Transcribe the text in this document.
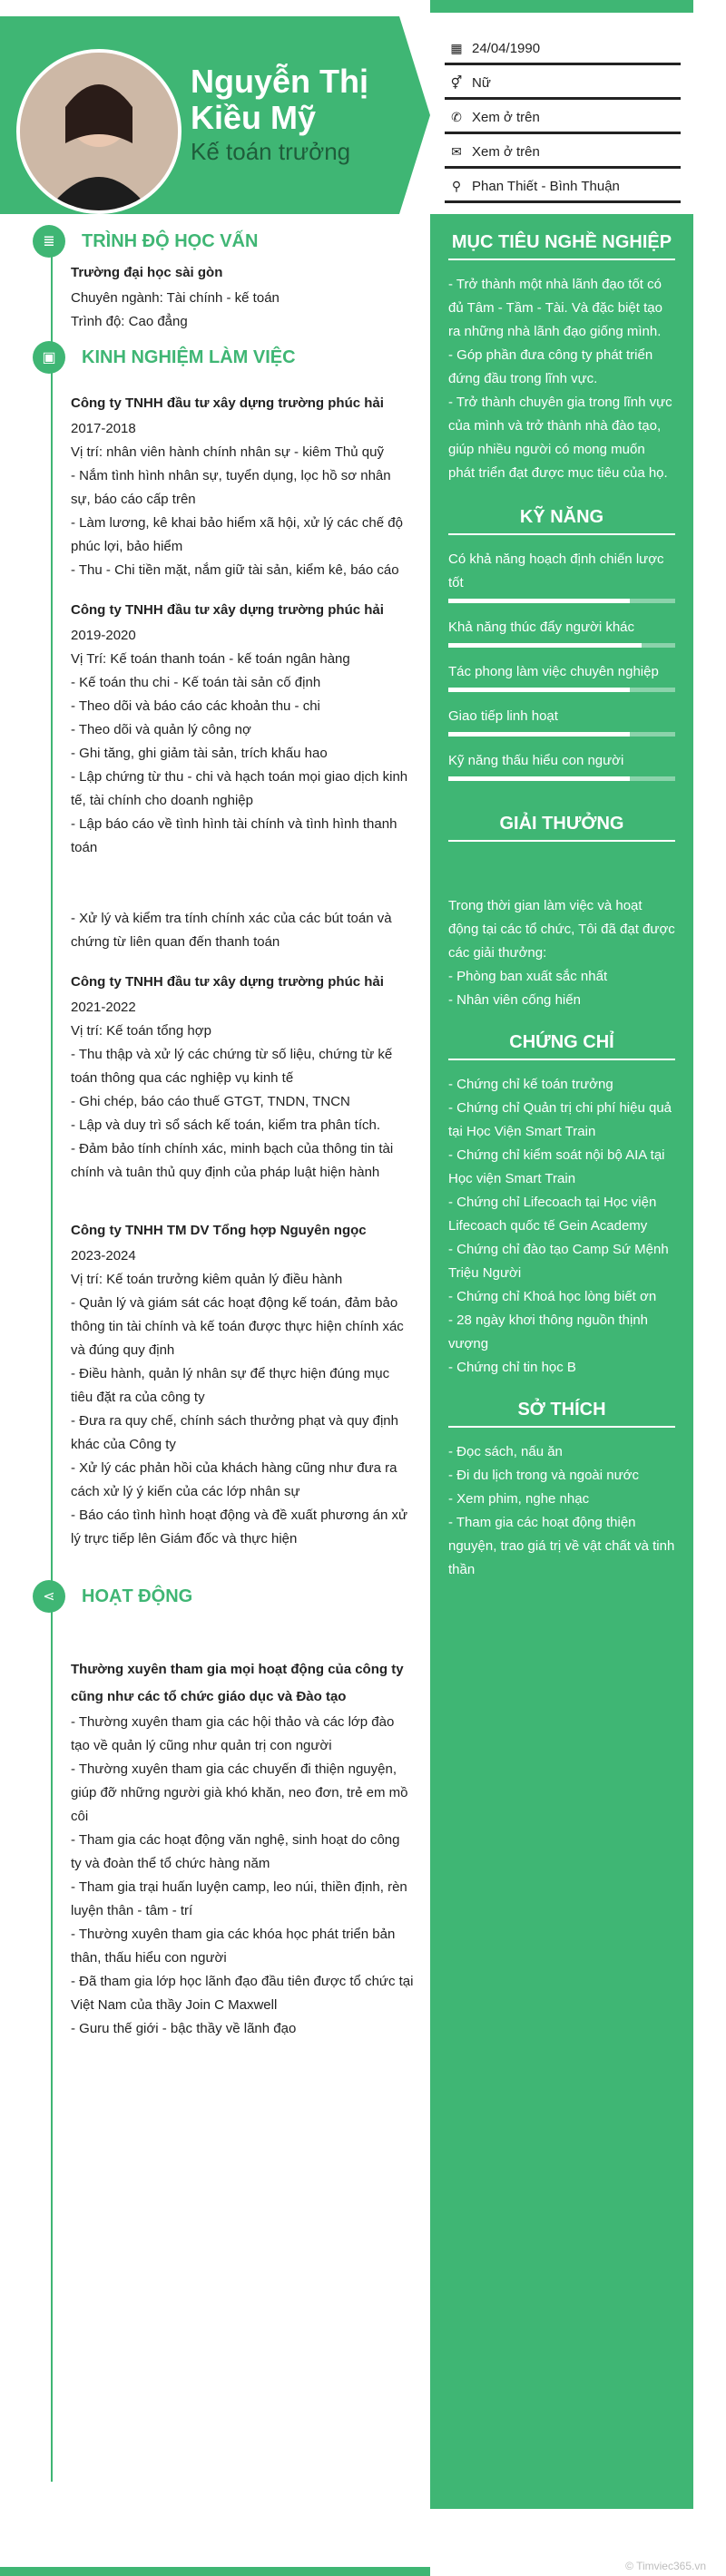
Nguyễn Thị Kiều Mỹ
Kế toán trưởng
▦ 24/04/1990
⚥ Nữ
✆ Xem ở trên
✉ Xem ở trên
⚲ Phan Thiết - Bình Thuận
MỤC TIÊU NGHỀ NGHIỆP
- Trở thành một nhà lãnh đạo tốt có đủ Tâm - Tầm - Tài. Và đặc biệt tạo ra những nhà lãnh đạo giống mình.
- Góp phần đưa công ty phát triển đứng đầu trong lĩnh vực.
- Trở thành chuyên gia trong lĩnh vực của mình và trở thành nhà đào tạo, giúp nhiều người có mong muốn phát triển đạt được mục tiêu của họ.
KỸ NĂNG
Có khả năng hoạch định chiến lược tốt
Khả năng thúc đẩy người khác
Tác phong làm việc chuyên nghiệp
Giao tiếp linh hoạt
Kỹ năng thấu hiểu con người
GIẢI THƯỞNG
Trong thời gian làm việc và hoạt động tại các tổ chức, Tôi đã đạt được các giải thưởng:
- Phòng ban xuất sắc nhất
- Nhân viên cống hiến
CHỨNG CHỈ
- Chứng chỉ kế toán trưởng
- Chứng chỉ Quản trị chi phí hiệu quả tại Học Viện Smart Train
- Chứng chỉ kiểm soát nội bộ AIA tại Học viện Smart Train
- Chứng chỉ Lifecoach tại Học viện Lifecoach quốc tế Gein Academy
- Chứng chỉ đào tạo Camp Sứ Mệnh Triệu Người
- Chứng chỉ Khoá học lòng biết ơn
- 28 ngày khơi thông nguồn thịnh vượng
- Chứng chỉ tin học B
SỞ THÍCH
- Đọc sách, nấu ăn
- Đi du lịch trong và ngoài nước
- Xem phim, nghe nhạc
- Tham gia các hoạt động thiện nguyện, trao giá trị về vật chất và tinh thần
≣	TRÌNH ĐỘ HỌC VẤN
Trường đại học sài gòn
Chuyên ngành: Tài chính - kế toán
Trình độ: Cao đẳng
▣	KINH NGHIỆM LÀM VIỆC
Công ty TNHH đầu tư xây dựng trường phúc hải
2017-2018
Vị trí: nhân viên hành chính nhân sự - kiêm Thủ quỹ
- Nắm tình hình nhân sự, tuyển dụng, lọc hồ sơ nhân sự, báo cáo cấp trên
- Làm lương, kê khai bảo hiểm xã hội, xử lý các chế độ phúc lợi, bảo hiểm
- Thu - Chi tiền mặt, nắm giữ tài sản, kiểm kê, báo cáo
Công ty TNHH đầu tư xây dựng trường phúc hải
2019-2020
Vị Trí: Kế toán thanh toán - kế toán ngân hàng
- Kế toán thu chi - Kế toán tài sản cố định
- Theo dõi và báo cáo các khoản thu - chi
- Theo dõi và quản lý công nợ
- Ghi tăng, ghi giảm tài sản, trích khấu hao
- Lập chứng từ thu - chi và hạch toán mọi giao dịch kinh tế, tài chính cho doanh nghiệp
- Lập báo cáo về tình hình tài chính và tình hình thanh toán
- Xử lý và kiểm tra tính chính xác của các bút toán và chứng từ liên quan đến thanh toán
Công ty TNHH đầu tư xây dựng trường phúc hải
2021-2022
Vị trí: Kế toán tổng hợp
- Thu thập và xử lý các chứng từ số liệu, chứng từ kế toán thông qua các nghiệp vụ kinh tế
- Ghi chép, báo cáo thuế GTGT, TNDN, TNCN
- Lập và duy trì sổ sách kế toán, kiểm tra phân tích.
- Đảm bảo tính chính xác, minh bạch của thông tin tài chính và tuân thủ quy định của pháp luật hiện hành
Công ty TNHH TM DV Tổng hợp Nguyên ngọc
2023-2024
Vị trí: Kế toán trưởng kiêm quản lý điều hành
- Quản lý và giám sát các hoạt động kế toán, đảm bảo thông tin tài chính và kế toán được thực hiện chính xác và đúng quy định
- Điều hành, quản lý nhân sự để thực hiện đúng mục tiêu đặt ra của công ty
- Đưa ra quy chế, chính sách thưởng phạt và quy định khác của Công ty
- Xử lý các phản hồi của khách hàng cũng như đưa ra cách xử lý ý kiến của các lớp nhân sự
- Báo cáo tình hình hoạt động và đề xuất phương án xử lý trực tiếp lên Giám đốc và thực hiện
⋖	HOẠT ĐỘNG
Thường xuyên tham gia mọi hoạt động của công ty cũng như các tổ chức giáo dục và Đào tạo
- Thường xuyên tham gia các hội thảo và các lớp đào tạo về quản lý cũng như quản trị con người
- Thường xuyên tham gia các chuyến đi thiện nguyện, giúp đỡ những người già khó khăn, neo đơn, trẻ em mồ côi
- Tham gia các hoạt động văn nghệ, sinh hoạt do công ty và đoàn thể tổ chức hàng năm
- Tham gia trại huấn luyện camp, leo núi, thiền định, rèn luyện thân - tâm - trí
- Thường xuyên tham gia các khóa học phát triển bản thân, thấu hiểu con người
- Đã tham gia lớp học lãnh đạo đầu tiên được tổ chức tại Việt Nam của thầy Join C Maxwell
- Guru thế giới - bậc thầy về lãnh đạo
© Timviec365.vn
